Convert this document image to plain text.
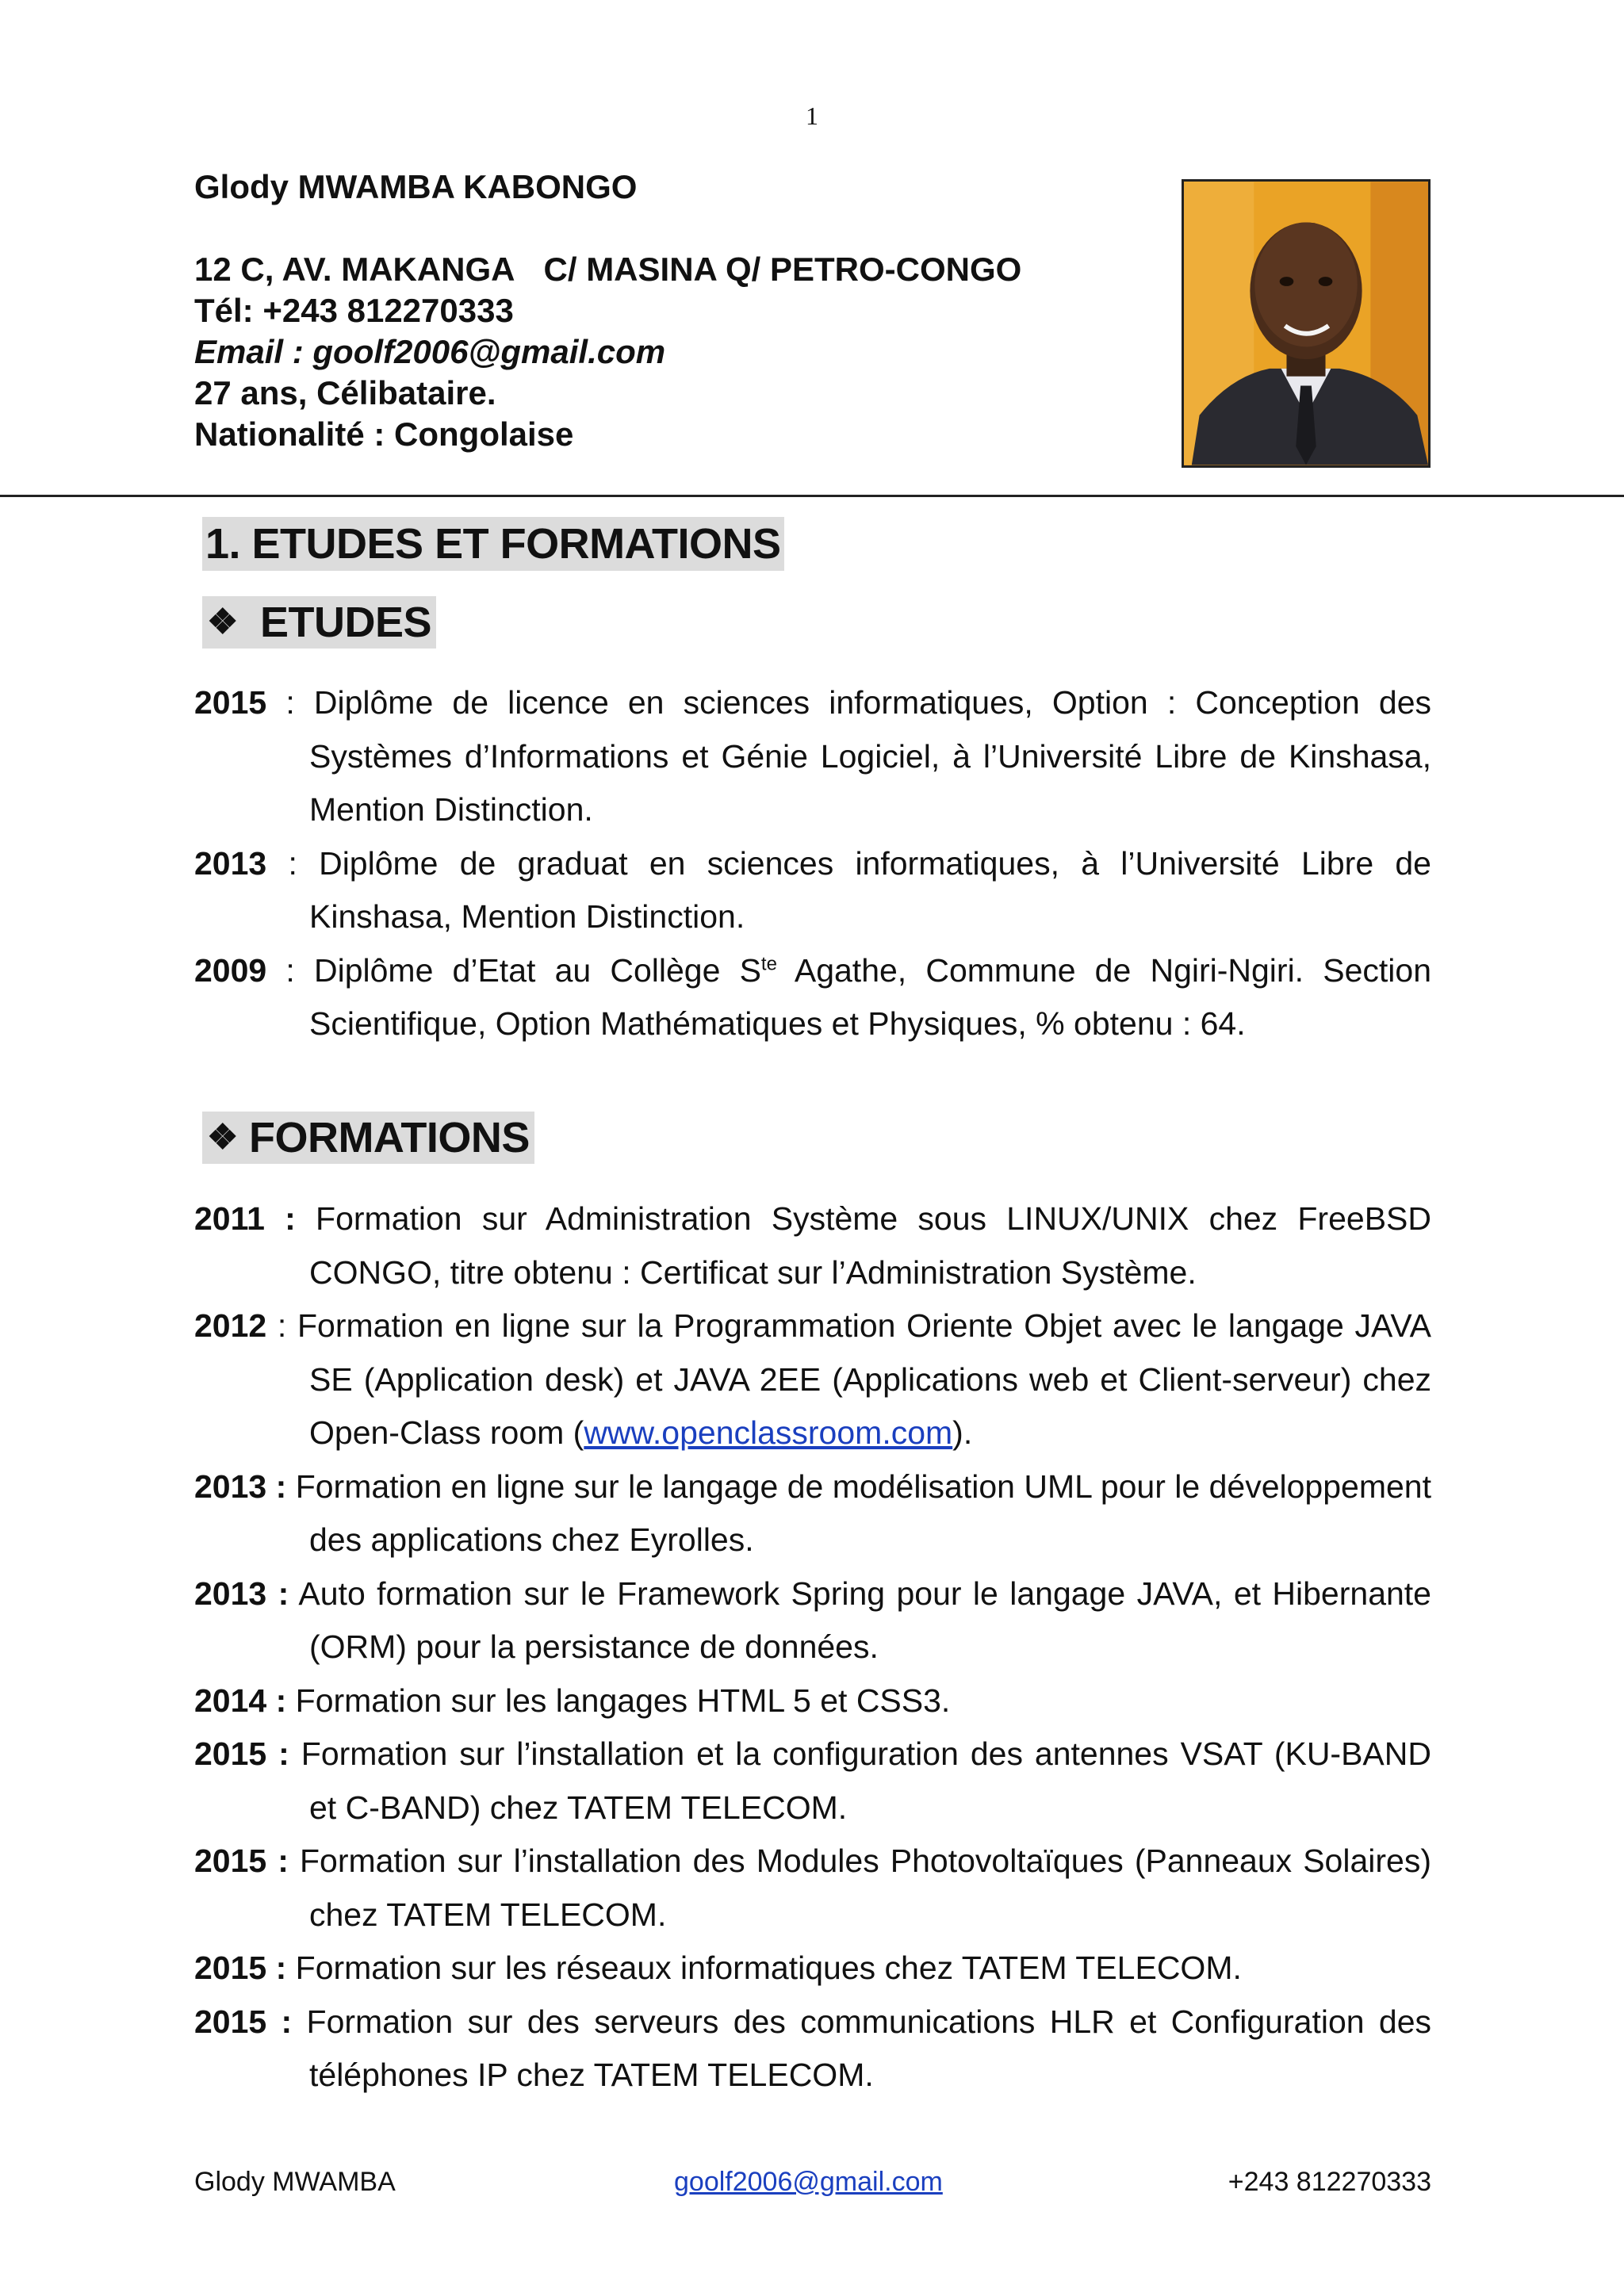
1
Glody MWAMBA KABONGO
12 C, AV. MAKANGA C/ MASINA Q/ PETRO-CONGO
Tél: +243 812270333
Email : goolf2006@gmail.com
27 ans, Célibataire.
Nationalité : Congolaise
1. ETUDES ET FORMATIONS
❖ ETUDES
2015 : Diplôme de licence en sciences informatiques, Option : Conception des Systèmes d’Informations et Génie Logiciel, à l’Université Libre de Kinshasa, Mention Distinction.
2013 : Diplôme de graduat en sciences informatiques, à l’Université Libre de Kinshasa, Mention Distinction.
2009 : Diplôme d’Etat au Collège $S^{te}$ Agathe, Commune de Ngiri-Ngiri. Section Scientifique, Option Mathématiques et Physiques, % obtenu : 64.
❖ FORMATIONS
2011 : Formation sur Administration Système sous LINUX/UNIX chez FreeBSD CONGO, titre obtenu : Certificat sur l’Administration Système.
2012 : Formation en ligne sur la Programmation Oriente Objet avec le langage JAVA SE (Application desk) et JAVA 2EE (Applications web et Client-serveur) chez Open-Class room (www.openclassroom.com).
2013 : Formation en ligne sur le langage de modélisation UML pour le développement des applications chez Eyrolles.
2013 : Auto formation sur le Framework Spring pour le langage JAVA, et Hibernante (ORM) pour la persistance de données.
2014 : Formation sur les langages HTML 5 et CSS3.
2015 : Formation sur l’installation et la configuration des antennes VSAT (KU-BAND et C-BAND) chez TATEM TELECOM.
2015 : Formation sur l’installation des Modules Photovoltaïques (Panneaux Solaires) chez TATEM TELECOM.
2015 : Formation sur les réseaux informatiques chez TATEM TELECOM.
2015 : Formation sur des serveurs des communications HLR et Configuration des téléphones IP chez TATEM TELECOM.
Glody MWAMBA	goolf2006@gmail.com	+243 812270333
